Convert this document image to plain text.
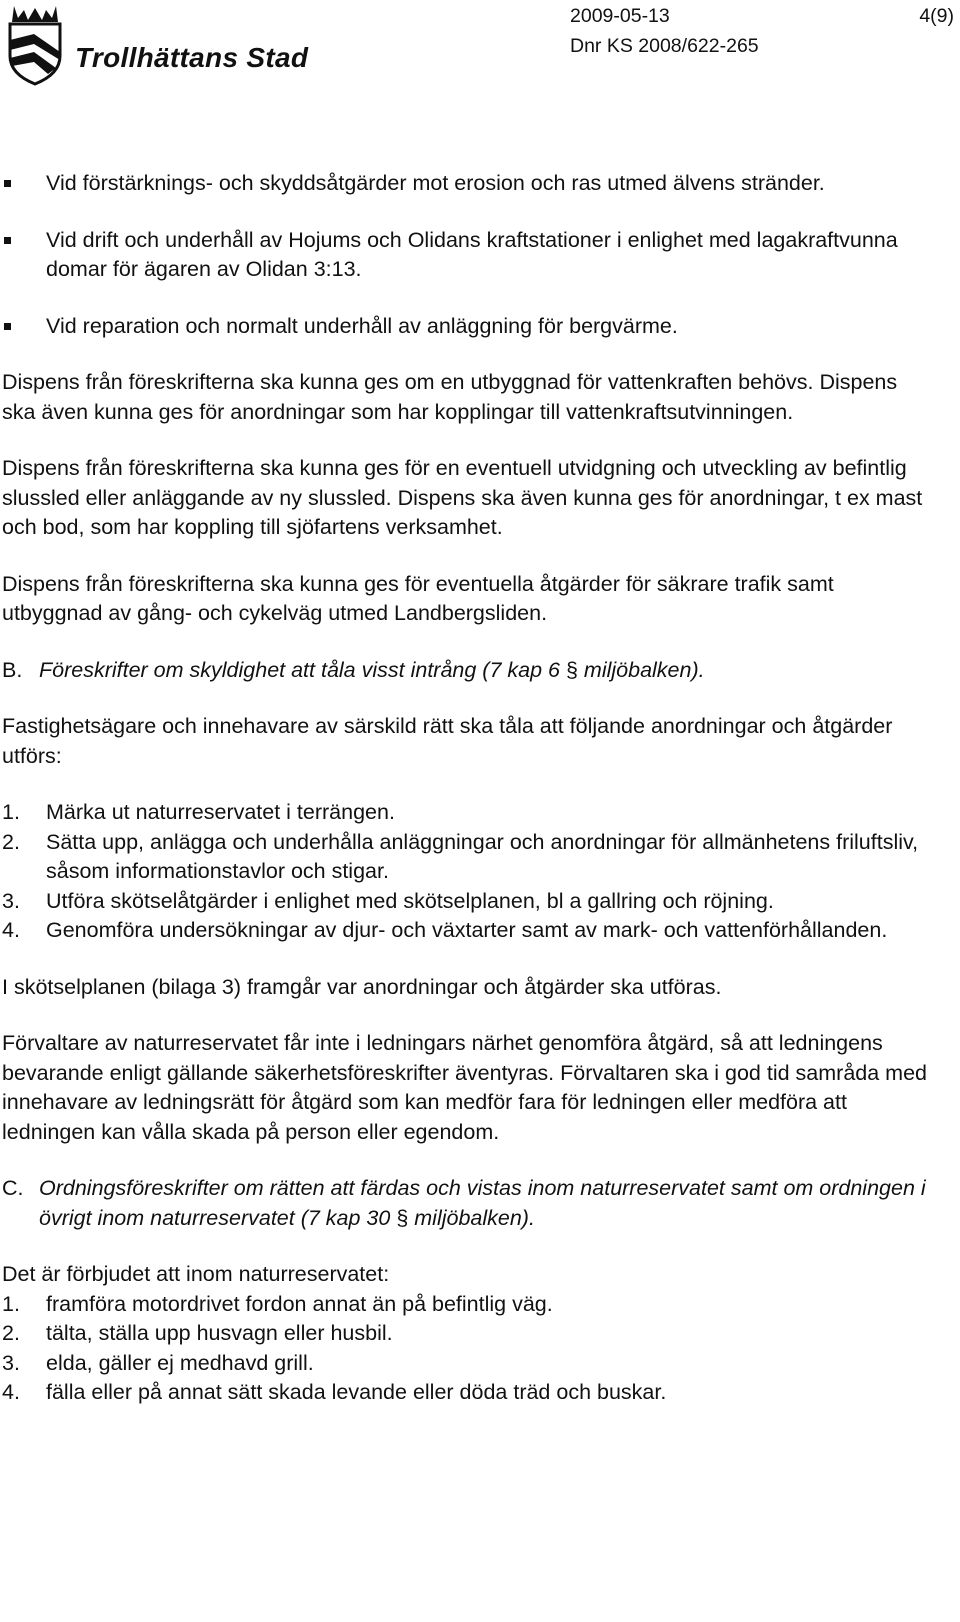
Trollhättans Stad
2009-05-13	4(9)
Dnr KS 2008/622-265
Vid förstärknings- och skyddsåtgärder mot erosion och ras utmed älvens stränder.
Vid drift och underhåll av Hojums och Olidans kraftstationer i enlighet med lagakraftvunna domar för ägaren av Olidan 3:13.
Vid reparation och normalt underhåll av anläggning för bergvärme.

Dispens från föreskrifterna ska kunna ges om en utbyggnad för vattenkraften behövs. Dispens ska även kunna ges för anordningar som har kopplingar till vattenkraftsutvinningen.

Dispens från föreskrifterna ska kunna ges för en eventuell utvidgning och utveckling av befintlig slussled eller anläggande av ny slussled. Dispens ska även kunna ges för anordningar, t ex mast och bod, som har koppling till sjöfartens verksamhet.

Dispens från föreskrifterna ska kunna ges för eventuella åtgärder för säkrare trafik samt utbyggnad av gång- och cykelväg utmed Landbergsliden.

B. Föreskrifter om skyldighet att tåla visst intrång (7 kap 6 § miljöbalken).

Fastighetsägare och innehavare av särskild rätt ska tåla att följande anordningar och åtgärder utförs:

1. Märka ut naturreservatet i terrängen.
2. Sätta upp, anlägga och underhålla anläggningar och anordningar för allmänhetens friluftsliv, såsom informationstavlor och stigar.
3. Utföra skötselåtgärder i enlighet med skötselplanen, bl a gallring och röjning.
4. Genomföra undersökningar av djur- och växtarter samt av mark- och vattenförhållanden.

I skötselplanen (bilaga 3) framgår var anordningar och åtgärder ska utföras.

Förvaltare av naturreservatet får inte i ledningars närhet genomföra åtgärd, så att ledningens bevarande enligt gällande säkerhetsföreskrifter äventyras. Förvaltaren ska i god tid samråda med innehavare av ledningsrätt för åtgärd som kan medför fara för ledningen eller medföra att ledningen kan vålla skada på person eller egendom.

C. Ordningsföreskrifter om rätten att färdas och vistas inom naturreservatet samt om ordningen i övrigt inom naturreservatet (7 kap 30 § miljöbalken).

Det är förbjudet att inom naturreservatet:

1. framföra motordrivet fordon annat än på befintlig väg.
2. tälta, ställa upp husvagn eller husbil.
3. elda, gäller ej medhavd grill.
4. fälla eller på annat sätt skada levande eller döda träd och buskar.
